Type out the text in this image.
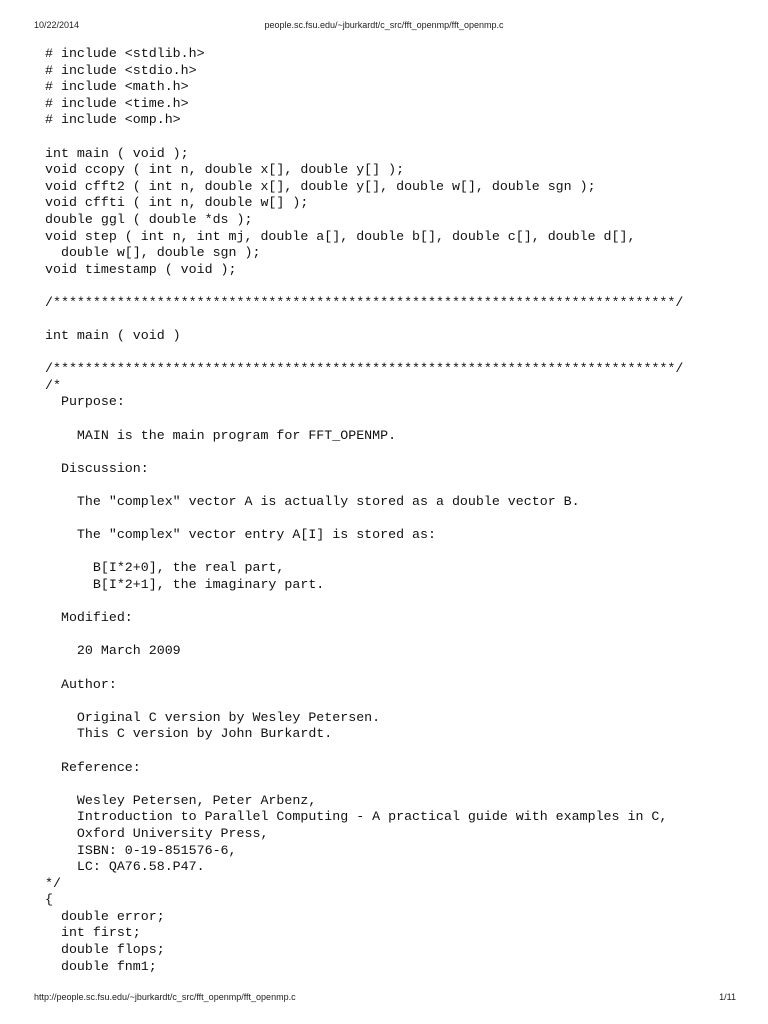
10/22/2014	people.sc.fsu.edu/~jburkardt/c_src/fft_openmp/fft_openmp.c
# include <stdlib.h>
# include <stdio.h>
# include <math.h>
# include <time.h>
# include <omp.h>
int main ( void );
void ccopy ( int n, double x[], double y[] );
void cfft2 ( int n, double x[], double y[], double w[], double sgn );
void cffti ( int n, double w[] );
double ggl ( double *ds );
void step ( int n, int mj, double a[], double b[], double c[], double d[],
double w[], double sgn );
void timestamp ( void );
/******************************************************************************/
int main ( void )
/******************************************************************************/
/*
Purpose:
MAIN is the main program for FFT_OPENMP.
Discussion:
The "complex" vector A is actually stored as a double vector B.
The "complex" vector entry A[I] is stored as:
B[I*2+0], the real part,
B[I*2+1], the imaginary part.
Modified:
20 March 2009
Author:
Original C version by Wesley Petersen.
This C version by John Burkardt.
Reference:
Wesley Petersen, Peter Arbenz,
Introduction to Parallel Computing - A practical guide with examples in C,
Oxford University Press,
ISBN: 0-19-851576-6,
LC: QA76.58.P47.
*/
{
double error;
int first;
double flops;
double fnm1;
http://people.sc.fsu.edu/~jburkardt/c_src/fft_openmp/fft_openmp.c	1/11
